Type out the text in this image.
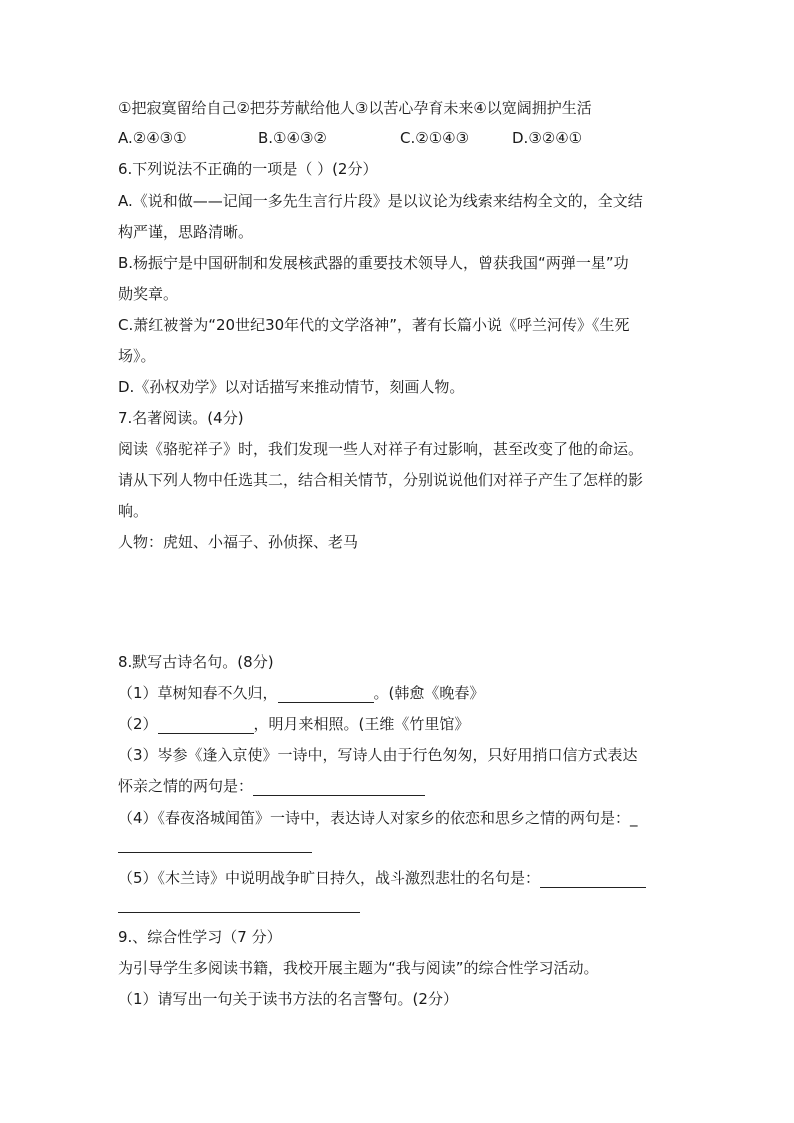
①把寂寞留给自己②把芬芳献给他人③以苦心孕育未来④以宽阔拥护生活
A.②④③①	B.①④③②	C.②①④③	D.③②④①
6.下列说法不正确的一项是（ ）(2分）
A.《说和做——记闻一多先生言行片段》是以议论为线索来结构全文的，全文结
构严谨，思路清晰。
B.杨振宁是中国研制和发展核武器的重要技术领导人，曾获我国“两弹一星”功
勋奖章。
C.萧红被誉为“20世纪30年代的文学洛神”，著有长篇小说《呼兰河传》《生死
场》。
D.《孙权劝学》以对话描写来推动情节，刻画人物。
7.名著阅读。(4分)
阅读《骆驼祥子》时，我们发现一些人对祥子有过影响，甚至改变了他的命运。
请从下列人物中任选其二，结合相关情节，分别说说他们对祥子产生了怎样的影
响。
人物：虎妞、小福子、孙侦探、老马
8.默写古诗名句。(8分)
（1）草树知春不久归，	。(韩愈《晚春》
（2）	，明月来相照。(王维《竹里馆》
（3）岑参《逢入京使》一诗中，写诗人由于行色匆匆，只好用捎口信方式表达
怀亲之情的两句是：
（4）《春夜洛城闻笛》一诗中，表达诗人对家乡的依恋和思乡之情的两句是：_
（5）《木兰诗》中说明战争旷日持久，战斗激烈悲壮的名句是：
9.、综合性学习（7 分）
为引导学生多阅读书籍，我校开展主题为“我与阅读”的综合性学习活动。
（1）请写出一句关于读书方法的名言警句。(2分）
